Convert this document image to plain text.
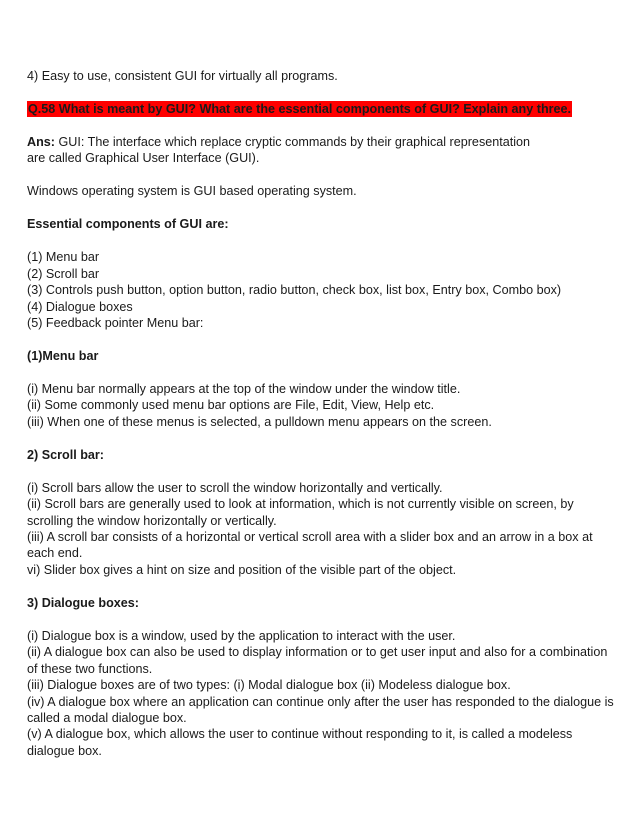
4) Easy to use, consistent GUI for virtually all programs.
Q.58 What is meant by GUI? What are the essential components of GUI? Explain any three.
Ans: GUI: The interface which replace cryptic commands by their graphical representation
are called Graphical User Interface (GUI).
Windows operating system is GUI based operating system.
Essential components of GUI are:
(1) Menu bar
(2) Scroll bar
(3) Controls push button, option button, radio button, check box, list box, Entry box, Combo box)
(4) Dialogue boxes
(5) Feedback pointer Menu bar:
(1)Menu bar
(i) Menu bar normally appears at the top of the window under the window title.
(ii) Some commonly used menu bar options are File, Edit, View, Help etc.
(iii) When one of these menus is selected, a pulldown menu appears on the screen.
2) Scroll bar:
(i) Scroll bars allow the user to scroll the window horizontally and vertically.
(ii) Scroll bars are generally used to look at information, which is not currently visible on screen, by scrolling the window horizontally or vertically.
(iii) A scroll bar consists of a horizontal or vertical scroll area with a slider box and an arrow in a box at each end.
vi) Slider box gives a hint on size and position of the visible part of the object.
3) Dialogue boxes:
(i) Dialogue box is a window, used by the application to interact with the user.
(ii) A dialogue box can also be used to display information or to get user input and also for a combination of these two functions.
(iii) Dialogue boxes are of two types: (i) Modal dialogue box (ii) Modeless dialogue box.
(iv) A dialogue box where an application can continue only after the user has responded to the dialogue is called a modal dialogue box.
(v) A dialogue box, which allows the user to continue without responding to it, is called a modeless dialogue box.
